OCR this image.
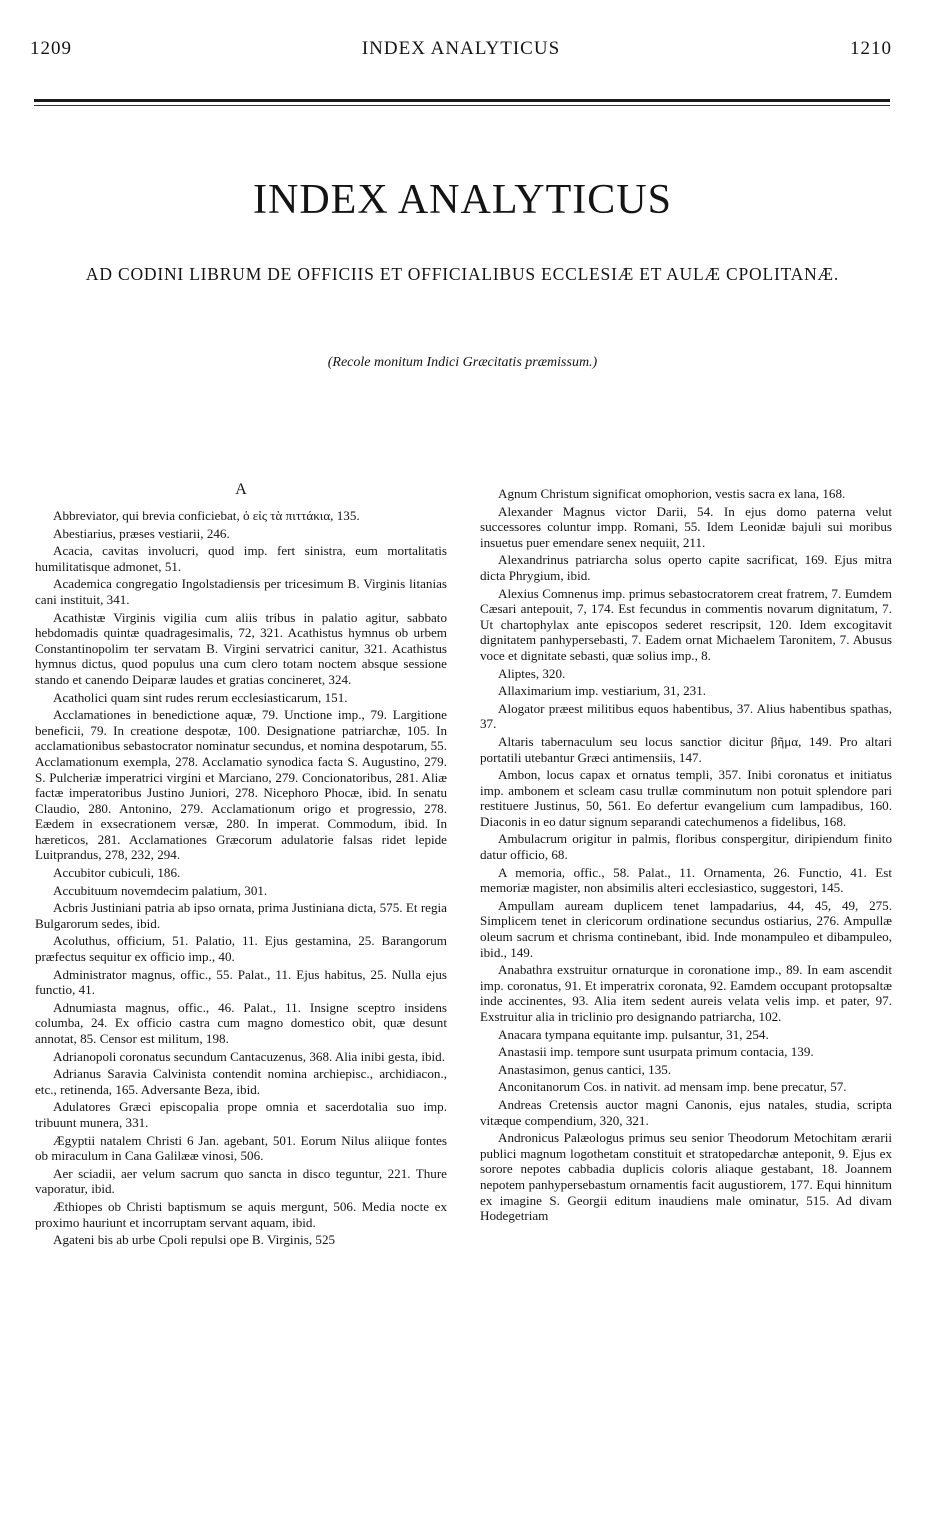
1209	INDEX ANALYTICUS	1210
INDEX ANALYTICUS

AD CODINI LIBRUM DE OFFICIIS ET OFFICIALIBUS ECCLESIÆ ET AULÆ CPOLITANÆ.

(Recole monitum Indici Græcitatis præmissum.)

A

Abbreviator, qui brevia conficiebat, ὁ εἰς τὰ πιττάκια, 135.

Abestiarius, præses vestiarii, 246.

Acacia, cavitas involucri, quod imp. fert sinistra, eum mortalitatis humilitatisque admonet, 51.

Academica congregatio Ingolstadiensis per tricesimum B. Virginis litanias cani instituit, 341.

Acathistæ Virginis vigilia cum aliis tribus in palatio agitur, sabbato hebdomadis quintæ quadragesimalis, 72, 321. Acathistus hymnus ob urbem Constantinopolim ter servatam B. Virgini servatrici canitur, 321. Acathistus hymnus dictus, quod populus una cum clero totam noctem absque sessione stando et canendo Deiparæ laudes et gratias concineret, 324.

Acatholici quam sint rudes rerum ecclesiasticarum, 151.

Acclamationes in benedictione aquæ, 79. Unctione imp., 79. Largitione beneficii, 79. In creatione despotæ, 100. Designatione patriarchæ, 105. In acclamationibus sebastocrator nominatur secundus, et nomina despotarum, 55. Acclamationum exempla, 278. Acclamatio synodica facta S. Augustino, 279. S. Pulcheriæ imperatrici virgini et Marciano, 279. Concionatoribus, 281. Aliæ factæ imperatoribus Justino Juniori, 278. Nicephoro Phocæ, ibid. In senatu Claudio, 280. Antonino, 279. Acclamationum origo et progressio, 278. Eædem in exsecrationem versæ, 280. In imperat. Commodum, ibid. In hæreticos, 281. Acclamationes Græcorum adulatorie falsas ridet lepide Luitprandus, 278, 232, 294.

Accubitor cubiculi, 186.

Accubituum novemdecim palatium, 301.

Acbris Justiniani patria ab ipso ornata, prima Justiniana dicta, 575. Et regia Bulgarorum sedes, ibid.

Acoluthus, officium, 51. Palatio, 11. Ejus gestamina, 25. Barangorum præfectus sequitur ex officio imp., 40.

Administrator magnus, offic., 55. Palat., 11. Ejus habitus, 25. Nulla ejus functio, 41.

Adnumiasta magnus, offic., 46. Palat., 11. Insigne sceptro insidens columba, 24. Ex officio castra cum magno domestico obit, quæ desunt annotat, 85. Censor est militum, 198.

Adrianopoli coronatus secundum Cantacuzenus, 368. Alia inibi gesta, ibid.

Adrianus Saravia Calvinista contendit nomina archiepisc., archidiacon., etc., retinenda, 165. Adversante Beza, ibid.

Adulatores Græci episcopalia prope omnia et sacerdotalia suo imp. tribuunt munera, 331.

Ægyptii natalem Christi 6 Jan. agebant, 501. Eorum Nilus aliique fontes ob miraculum in Cana Galilææ vinosi, 506.

Aer sciadii, aer velum sacrum quo sancta in disco teguntur, 221. Thure vaporatur, ibid.

Æthiopes ob Christi baptismum se aquis mergunt, 506. Media nocte ex proximo hauriunt et incorruptam servant aquam, ibid.

Agateni bis ab urbe Cpoli repulsi ope B. Virginis, 525

Agnum Christum significat omophorion, vestis sacra ex lana, 168.

Alexander Magnus victor Darii, 54. In ejus domo paterna velut successores coluntur impp. Romani, 55. Idem Leonidæ bajuli sui moribus insuetus puer emendare senex nequiit, 211.

Alexandrinus patriarcha solus operto capite sacrificat, 169. Ejus mitra dicta Phrygium, ibid.

Alexius Comnenus imp. primus sebastocratorem creat fratrem, 7. Eumdem Cæsari antepouit, 7, 174. Est fecundus in commentis novarum dignitatum, 7. Ut chartophylax ante episcopos sederet rescripsit, 120. Idem excogitavit dignitatem panhypersebasti, 7. Eadem ornat Michaelem Taronitem, 7. Abusus voce et dignitate sebasti, quæ solius imp., 8.

Aliptes, 320.

Allaximarium imp. vestiarium, 31, 231.

Alogator præest militibus equos habentibus, 37. Alius habentibus spathas, 37.

Altaris tabernaculum seu locus sanctior dicitur βῆμα, 149. Pro altari portatili utebantur Græci antimensiis, 147.

Ambon, locus capax et ornatus templi, 357. Inibi coronatus et initiatus imp. ambonem et scleam casu trullæ comminutum non potuit splendore pari restituere Justinus, 50, 561. Eo defertur evangelium cum lampadibus, 160. Diaconis in eo datur signum separandi catechumenos a fidelibus, 168.

Ambulacrum origitur in palmis, floribus conspergitur, diripiendum finito datur officio, 68.

A memoria, offic., 58. Palat., 11. Ornamenta, 26. Functio, 41. Est memoriæ magister, non absimilis alteri ecclesiastico, suggestori, 145.

Ampullam auream duplicem tenet lampadarius, 44, 45, 49, 275. Simplicem tenet in clericorum ordinatione secundus ostiarius, 276. Ampullæ oleum sacrum et chrisma continebant, ibid. Inde monampuleo et dibampuleo, ibid., 149.

Anabathra exstruitur ornaturque in coronatione imp., 89. In eam ascendit imp. coronatus, 91. Et imperatrix coronata, 92. Eamdem occupant protopsaltæ inde accinentes, 93. Alia item sedent aureis velata velis imp. et pater, 97. Exstruitur alia in triclinio pro designando patriarcha, 102.

Anacara tympana equitante imp. pulsantur, 31, 254.

Anastasii imp. tempore sunt usurpata primum contacia, 139.

Anastasimon, genus cantici, 135.

Anconitanorum Cos. in nativit. ad mensam imp. bene precatur, 57.

Andreas Cretensis auctor magni Canonis, ejus natales, studia, scripta vitæque compendium, 320, 321.

Andronicus Palæologus primus seu senior Theodorum Metochitam ærarii publici magnum logothetam constituit et stratopedarchæ anteponit, 9. Ejus ex sorore nepotes cabbadia duplicis coloris aliaque gestabant, 18. Joannem nepotem panhypersebastum ornamentis facit augustiorem, 177. Equi hinnitum ex imagine S. Georgii editum inaudiens male ominatur, 515. Ad divam Hodegetriam
